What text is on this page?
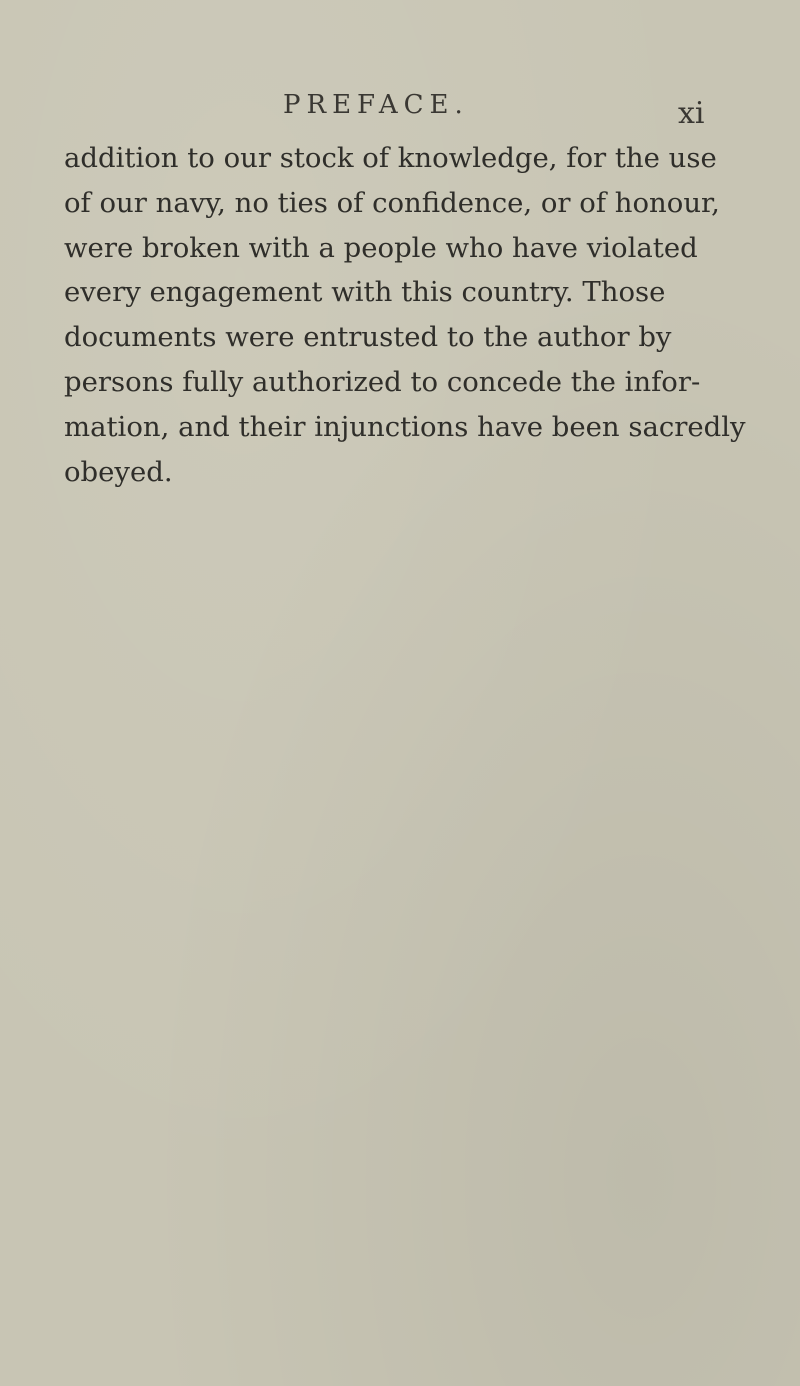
PREFACE.	xi
addition to our stock of knowledge, for the use
of our navy, no ties of confidence, or of honour,
were broken with a people who have violated
every engagement with this country. Those
documents were entrusted to the author by
persons fully authorized to concede the infor-
mation, and their injunctions have been sacredly
obeyed.
